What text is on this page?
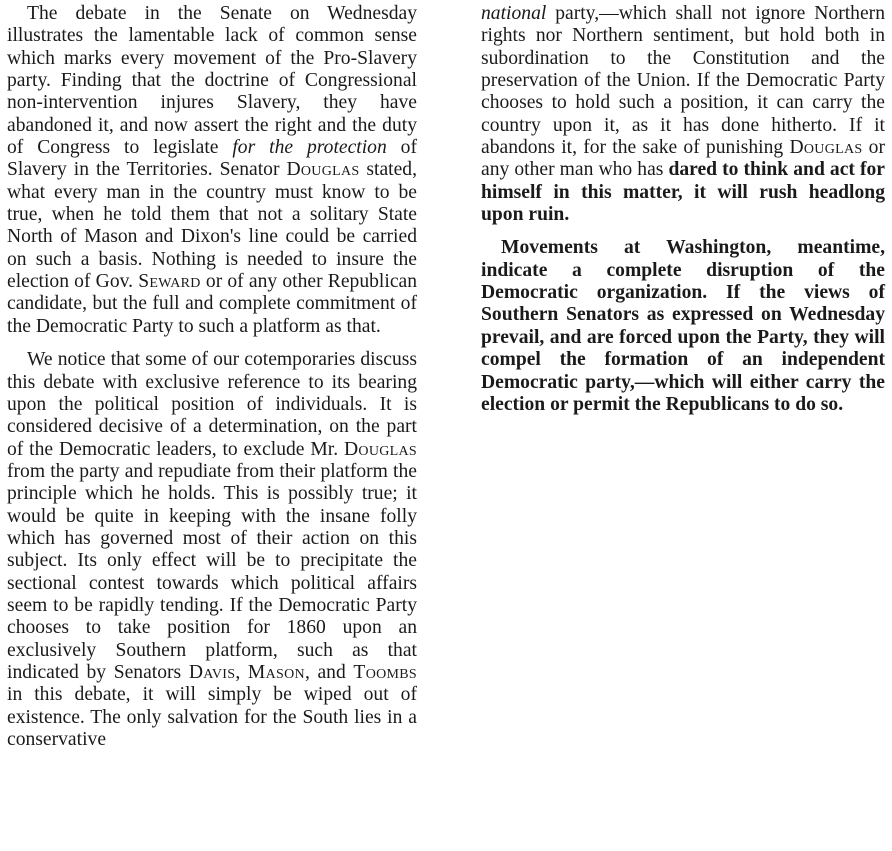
The debate in the Senate on Wednesday illustrates the lamentable lack of common sense which marks every movement of the Pro-Slavery party. Finding that the doctrine of Congressional non-intervention injures Slavery, they have abandoned it, and now assert the right and the duty of Congress to legislate for the protection of Slavery in the Territories. Senator Douglas stated, what every man in the country must know to be true, when he told them that not a solitary State North of Mason and Dixon's line could be carried on such a basis. Nothing is needed to insure the election of Gov. Seward or of any other Republican candidate, but the full and complete commitment of the Democratic Party to such a platform as that.

We notice that some of our cotemporaries discuss this debate with exclusive reference to its bearing upon the political position of individuals. It is considered decisive of a determination, on the part of the Democratic leaders, to exclude Mr. Douglas from the party and repudiate from their platform the principle which he holds. This is possibly true; it would be quite in keeping with the insane folly which has governed most of their action on this subject. Its only effect will be to precipitate the sectional contest towards which political affairs seem to be rapidly tending. If the Democratic Party chooses to take position for 1860 upon an exclusively Southern platform, such as that indicated by Senators Davis, Mason, and Toombs in this debate, it will simply be wiped out of existence. The only salvation for the South lies in a conservative

national party,—which shall not ignore Northern rights nor Northern sentiment, but hold both in subordination to the Constitution and the preservation of the Union. If the Democratic Party chooses to hold such a position, it can carry the country upon it, as it has done hitherto. If it abandons it, for the sake of punishing Douglas or any other man who has dared to think and act for himself in this matter, it will rush headlong upon ruin.

Movements at Washington, meantime, indicate a complete disruption of the Democratic organization. If the views of Southern Senators as expressed on Wednesday prevail, and are forced upon the Party, they will compel the formation of an independent Democratic party,—which will either carry the election or permit the Republicans to do so.
